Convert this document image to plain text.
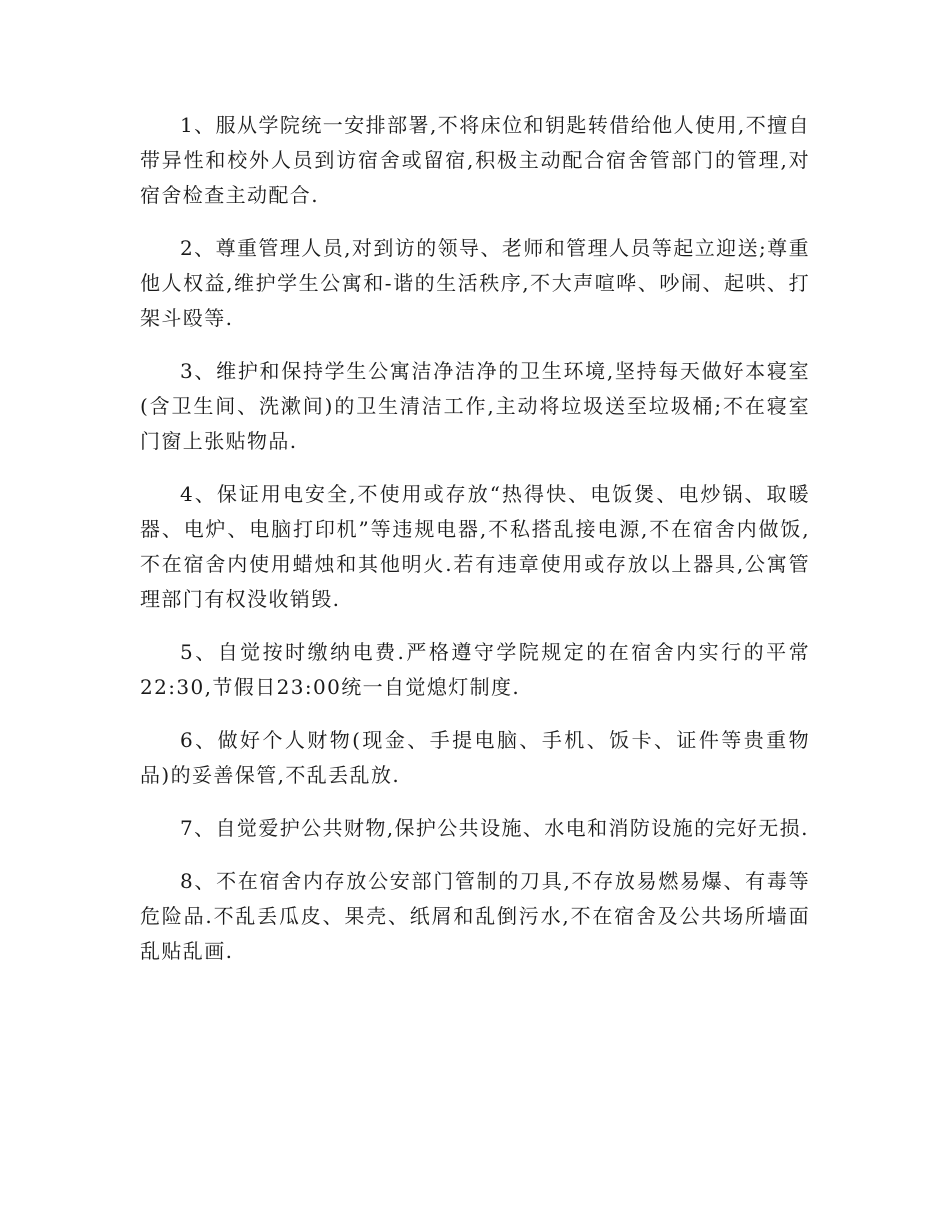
1、服从学院统一安排部署,不将床位和钥匙转借给他人使用,不擅自带异性和校外人员到访宿舍或留宿,积极主动配合宿舍管部门的管理,对宿舍检查主动配合.

2、尊重管理人员,对到访的领导、老师和管理人员等起立迎送;尊重他人权益,维护学生公寓和-谐的生活秩序,不大声喧哗、吵闹、起哄、打架斗殴等.

3、维护和保持学生公寓洁净洁净的卫生环境,坚持每天做好本寝室(含卫生间、洗漱间)的卫生清洁工作,主动将垃圾送至垃圾桶;不在寝室门窗上张贴物品.

4、保证用电安全,不使用或存放“热得快、电饭煲、电炒锅、取暖器、电炉、电脑打印机”等违规电器,不私搭乱接电源,不在宿舍内做饭,不在宿舍内使用蜡烛和其他明火.若有违章使用或存放以上器具,公寓管理部门有权没收销毁.

5、自觉按时缴纳电费.严格遵守学院规定的在宿舍内实行的平常22:30,节假日23:00统一自觉熄灯制度.

6、做好个人财物(现金、手提电脑、手机、饭卡、证件等贵重物品)的妥善保管,不乱丢乱放.

7、自觉爱护公共财物,保护公共设施、水电和消防设施的完好无损.

8、不在宿舍内存放公安部门管制的刀具,不存放易燃易爆、有毒等危险品.不乱丢瓜皮、果壳、纸屑和乱倒污水,不在宿舍及公共场所墙面乱贴乱画.
